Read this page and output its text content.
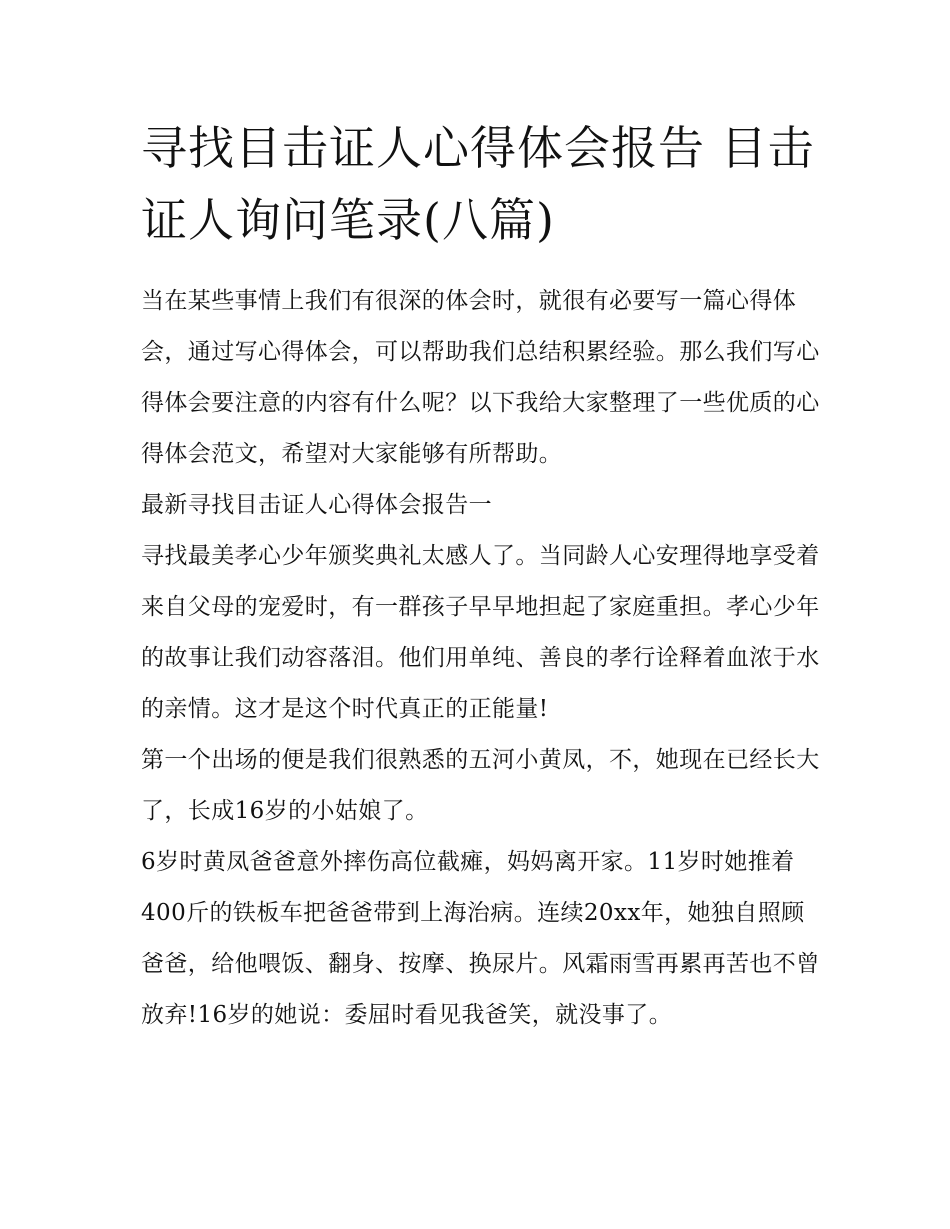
寻找目击证人心得体会报告 目击证人询问笔录(八篇)

当在某些事情上我们有很深的体会时，就很有必要写一篇心得体会，通过写心得体会，可以帮助我们总结积累经验。那么我们写心得体会要注意的内容有什么呢？以下我给大家整理了一些优质的心得体会范文，希望对大家能够有所帮助。

最新寻找目击证人心得体会报告一

寻找最美孝心少年颁奖典礼太感人了。当同龄人心安理得地享受着来自父母的宠爱时，有一群孩子早早地担起了家庭重担。孝心少年的故事让我们动容落泪。他们用单纯、善良的孝行诠释着血浓于水的亲情。这才是这个时代真正的正能量!

第一个出场的便是我们很熟悉的五河小黄凤，不，她现在已经长大了，长成16岁的小姑娘了。

6岁时黄凤爸爸意外摔伤高位截瘫，妈妈离开家。11岁时她推着400斤的铁板车把爸爸带到上海治病。连续20xx年，她独自照顾爸爸，给他喂饭、翻身、按摩、换尿片。风霜雨雪再累再苦也不曾放弃!16岁的她说：委屈时看见我爸笑，就没事了。
